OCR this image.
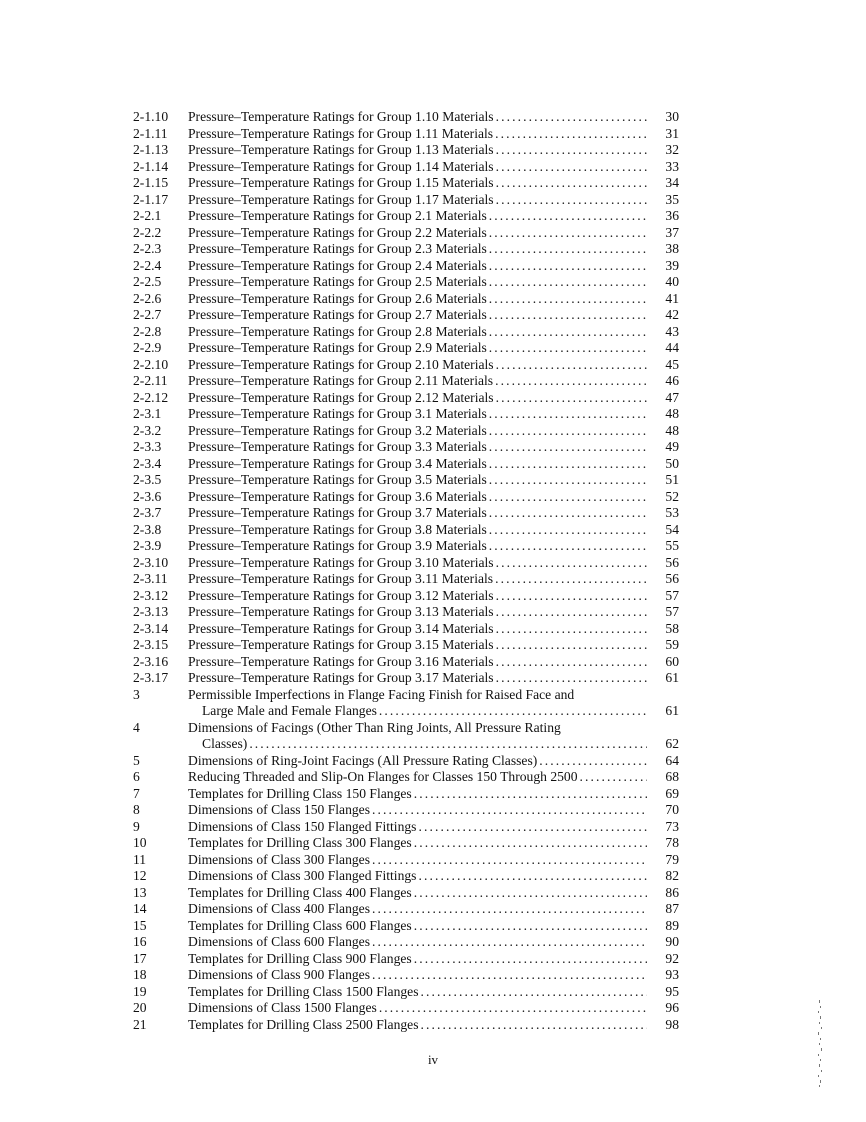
2-1.10	Pressure–Temperature Ratings for Group 1.10 Materials .....	30
2-1.11	Pressure–Temperature Ratings for Group 1.11 Materials .....	31
2-1.13	Pressure–Temperature Ratings for Group 1.13 Materials .....	32
2-1.14	Pressure–Temperature Ratings for Group 1.14 Materials .....	33
2-1.15	Pressure–Temperature Ratings for Group 1.15 Materials .....	34
2-1.17	Pressure–Temperature Ratings for Group 1.17 Materials .....	35
2-2.1	Pressure–Temperature Ratings for Group 2.1 Materials .....	36
2-2.2	Pressure–Temperature Ratings for Group 2.2 Materials .....	37
2-2.3	Pressure–Temperature Ratings for Group 2.3 Materials .....	38
2-2.4	Pressure–Temperature Ratings for Group 2.4 Materials .....	39
2-2.5	Pressure–Temperature Ratings for Group 2.5 Materials .....	40
2-2.6	Pressure–Temperature Ratings for Group 2.6 Materials .....	41
2-2.7	Pressure–Temperature Ratings for Group 2.7 Materials .....	42
2-2.8	Pressure–Temperature Ratings for Group 2.8 Materials .....	43
2-2.9	Pressure–Temperature Ratings for Group 2.9 Materials .....	44
2-2.10	Pressure–Temperature Ratings for Group 2.10 Materials .....	45
2-2.11	Pressure–Temperature Ratings for Group 2.11 Materials .....	46
2-2.12	Pressure–Temperature Ratings for Group 2.12 Materials .....	47
2-3.1	Pressure–Temperature Ratings for Group 3.1 Materials .....	48
2-3.2	Pressure–Temperature Ratings for Group 3.2 Materials .....	48
2-3.3	Pressure–Temperature Ratings for Group 3.3 Materials .....	49
2-3.4	Pressure–Temperature Ratings for Group 3.4 Materials .....	50
2-3.5	Pressure–Temperature Ratings for Group 3.5 Materials .....	51
2-3.6	Pressure–Temperature Ratings for Group 3.6 Materials .....	52
2-3.7	Pressure–Temperature Ratings for Group 3.7 Materials .....	53
2-3.8	Pressure–Temperature Ratings for Group 3.8 Materials .....	54
2-3.9	Pressure–Temperature Ratings for Group 3.9 Materials .....	55
2-3.10	Pressure–Temperature Ratings for Group 3.10 Materials .....	56
2-3.11	Pressure–Temperature Ratings for Group 3.11 Materials .....	56
2-3.12	Pressure–Temperature Ratings for Group 3.12 Materials .....	57
2-3.13	Pressure–Temperature Ratings for Group 3.13 Materials .....	57
2-3.14	Pressure–Temperature Ratings for Group 3.14 Materials .....	58
2-3.15	Pressure–Temperature Ratings for Group 3.15 Materials .....	59
2-3.16	Pressure–Temperature Ratings for Group 3.16 Materials .....	60
2-3.17	Pressure–Temperature Ratings for Group 3.17 Materials .....	61
3	Permissible Imperfections in Flange Facing Finish for Raised Face and
Large Male and Female Flanges .....	61
4	Dimensions of Facings (Other Than Ring Joints, All Pressure Rating
Classes) .....	62
5	Dimensions of Ring-Joint Facings (All Pressure Rating Classes) .....	64
6	Reducing Threaded and Slip-On Flanges for Classes 150 Through 2500 .....	68
7	Templates for Drilling Class 150 Flanges .....	69
8	Dimensions of Class 150 Flanges .....	70
9	Dimensions of Class 150 Flanged Fittings .....	73
10	Templates for Drilling Class 300 Flanges .....	78
11	Dimensions of Class 300 Flanges .....	79
12	Dimensions of Class 300 Flanged Fittings .....	82
13	Templates for Drilling Class 400 Flanges .....	86
14	Dimensions of Class 400 Flanges .....	87
15	Templates for Drilling Class 600 Flanges .....	89
16	Dimensions of Class 600 Flanges .....	90
17	Templates for Drilling Class 900 Flanges .....	92
18	Dimensions of Class 900 Flanges .....	93
19	Templates for Drilling Class 1500 Flanges .....	95
20	Dimensions of Class 1500 Flanges .....	96
21	Templates for Drilling Class 2500 Flanges .....	98
iv
